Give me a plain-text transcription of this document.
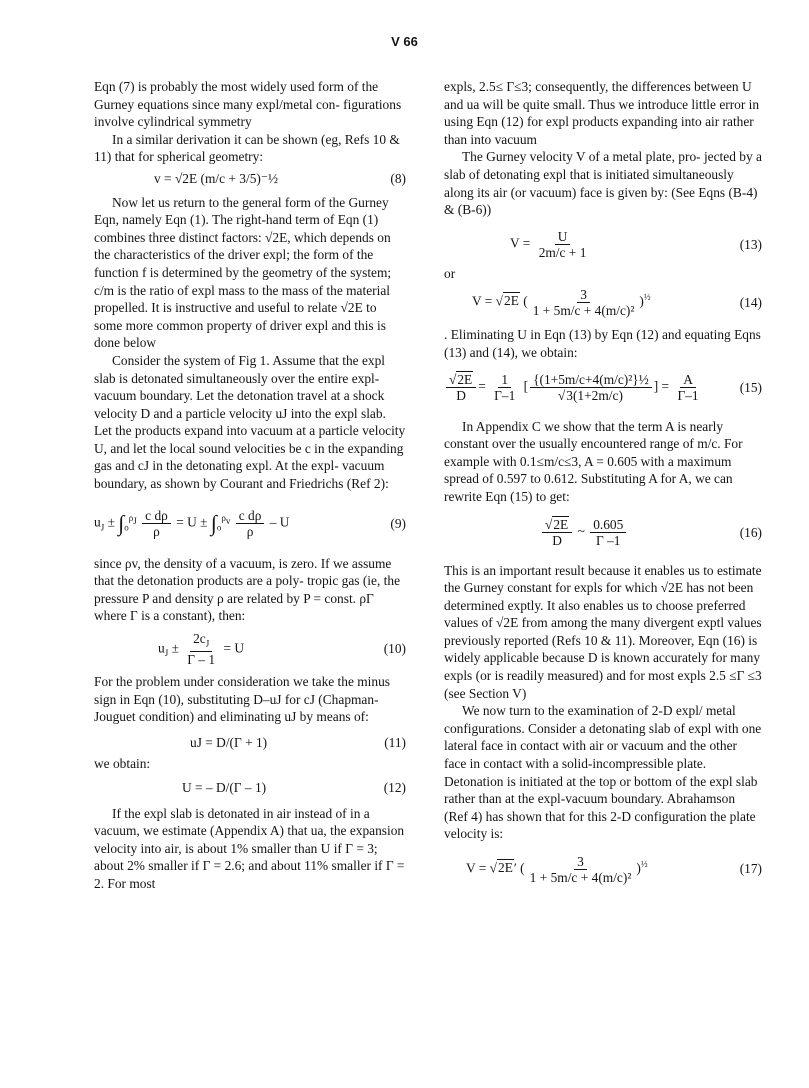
V 66

Eqn (7) is probably the most widely used form of the Gurney equations since many expl/metal con- figurations involve cylindrical symmetry

In a similar derivation it can be shown (eg, Refs 10 & 11) that for spherical geometry:

v = √2E (m/c + 3/5)⁻½	(8)

Now let us return to the general form of the Gurney Eqn, namely Eqn (1). The right-hand term of Eqn (1) combines three distinct factors: √2E, which depends on the characteristics of the driver expl; the form of the function f is determined by the geometry of the system; c/m is the ratio of expl mass to the mass of the material propelled. It is instructive and useful to relate √2E to some more common property of driver expl and this is done below

Consider the system of Fig 1. Assume that the expl slab is detonated simultaneously over the entire expl-vacuum boundary. Let the detonation travel at a shock velocity D and a particle velocity uJ into the expl slab. Let the products expand into vacuum at a particle velocity U, and let the local sound velocities be c in the expanding gas and cJ in the detonating expl. At the expl- vacuum boundary, as shown by Courant and Friedrichs (Ref 2):

$u_J \pm \int_o^{\rho_J} \frac{\text{c dρ}}{\rho} = U \pm \int_o^{\rho_v} \frac{\text{c dρ}}{\rho} - U$	(9)

since ρv, the density of a vacuum, is zero. If we assume that the detonation products are a poly- tropic gas (ie, the pressure P and density ρ are related by P = const. ρΓ where Γ is a constant), then:

$u_J \pm \frac{2c_J}{\Gamma - 1} = U$	(10)

For the problem under consideration we take the minus sign in Eqn (10), substituting D–uJ for cJ (Chapman-Jouguet condition) and eliminating uJ by means of:

uJ = D/(Γ + 1)	(11)

we obtain:

U = – D/(Γ – 1)	(12)

If the expl slab is detonated in air instead of in a vacuum, we estimate (Appendix A) that ua, the expansion velocity into air, is about 1% smaller than U if Γ = 3; about 2% smaller if Γ = 2.6; and about 11% smaller if Γ = 2. For most

expls, 2.5≤ Γ≤3; consequently, the differences between U and ua will be quite small. Thus we introduce little error in using Eqn (12) for expl products expanding into air rather than into vacuum

The Gurney velocity V of a metal plate, pro- jected by a slab of detonating expl that is initiated simultaneously along its air (or vacuum) face is given by: (See Eqns (B-4) & (B-6))

$V = \frac{U}{2m/c + 1}$	(13)

or

V = √2E ( $\frac{3}{\text{1 + 5m/c + 4(m/c)²}} )^{\frac{1}{2}}$	(14)

. Eliminating U in Eqn (13) by Eqn (12) and equating Eqns (13) and (14), we obtain:

$\frac{√2E}{D} = \frac{1}{\Gamma-1}$ [ $\frac{\text{\{(1+5m/c+4(m/c)²\}½}}{√3(1+2m/c)}$ ] = $\frac{A}{\Gamma-1}$	(15)

In Appendix C we show that the term A is nearly constant over the usually encountered range of m/c. For example with 0.1≤m/c≤3, A = 0.605 with a maximum spread of 0.597 to 0.612. Substituting A for A, we can rewrite Eqn (15) to get:

$\frac{√2E}{D}$ ~ $\frac{0.605}{\Gamma -1}$	(16)

This is an important result because it enables us to estimate the Gurney constant for expls for which √2E has not been determined exptly. It also enables us to choose preferred values of √2E from among the many divergent exptl values previously reported (Refs 10 & 11). Moreover, Eqn (16) is widely applicable because D is known accurately for many expls (or is readily measured) and for most expls 2.5 ≤Γ ≤3 (see Section V)

We now turn to the examination of 2-D expl/ metal configurations. Consider a detonating slab of expl with one lateral face in contact with air or vacuum and the other face in contact with a solid-incompressible plate. Detonation is initiated at the top or bottom of the expl slab rather than at the expl-vacuum boundary. Abrahamson (Ref 4) has shown that for this 2-D configuration the plate velocity is:

V = √2E′ ( $\frac{3}{\text{1 + 5m/c + 4(m/c)²}} )^{\frac{1}{2}}$	(17)
